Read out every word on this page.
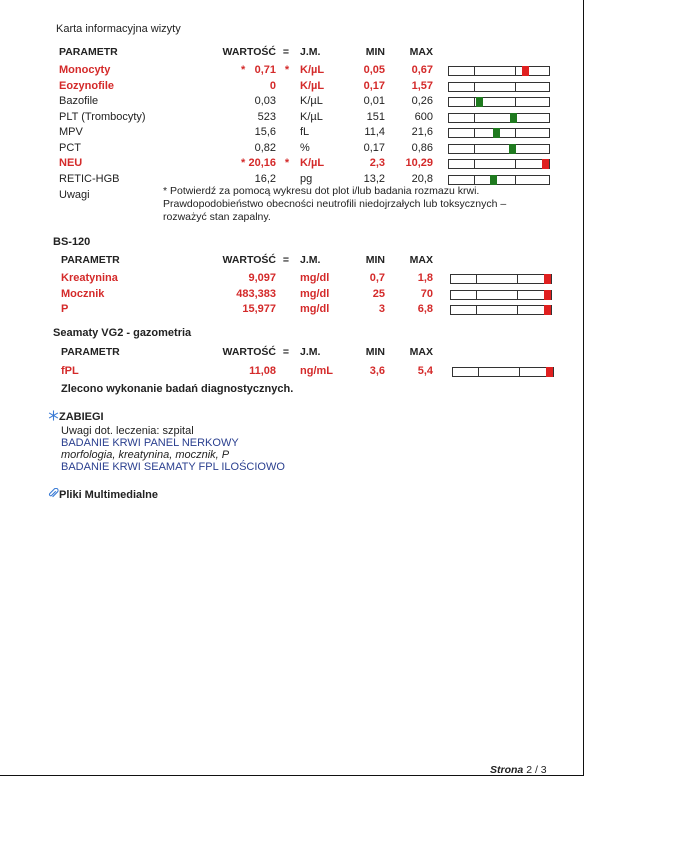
Karta informacyjna wizyty
PARAMETR	WARTOŚĆ = J.M.	MIN	MAX
Monocyty	* 0,71 * K/µL	0,05	0,67
Eozynofile	0 K/µL	0,17	1,57
Bazofile	0,03 K/µL	0,01	0,26
PLT (Trombocyty)	523 K/µL	151	600
MPV	15,6 fL	11,4	21,6
PCT	0,82 %	0,17	0,86
NEU	* 20,16 * K/µL	2,3	10,29
RETIC-HGB	16,2 pg	13,2	20,8
PARAMETR	WARTOŚĆ = J.M.	MIN	MAX
Kreatynina	9,097 mg/dl	0,7	1,8
Mocznik	483,383 mg/dl	25	70
P	15,977 mg/dl	3	6,8
PARAMETR	WARTOŚĆ = J.M.	MIN	MAX
fPL	11,08 ng/mL	3,6	5,4
Uwagi	* Potwierdź za pomocą wykresu dot plot i/lub badania rozmazu krwi.
Prawdopodobieństwo obecności neutrofili niedojrzałych lub toksycznych –
rozważyć stan zapalny.
BS-120
Seamaty VG2 - gazometria
Zlecono wykonanie badań diagnostycznych.
ZABIEGI
Uwagi dot. leczenia: szpital
BADANIE KRWI PANEL NERKOWY
morfologia, kreatynina, mocznik, P
BADANIE KRWI SEAMATY FPL ILOŚCIOWO
Pliki Multimedialne
Strona 2 / 3
